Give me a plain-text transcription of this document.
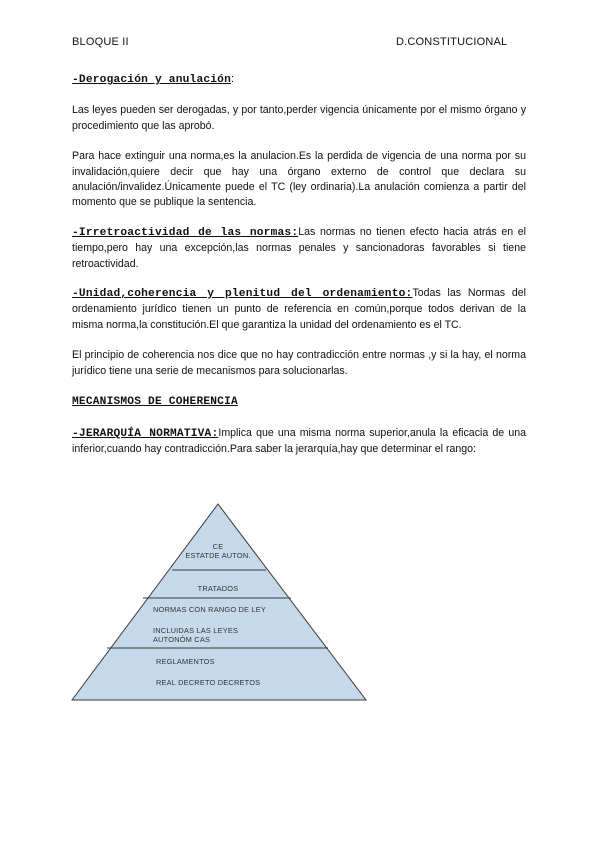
BLOQUE II	D.CONSTITUCIONAL

-Derogación y anulación:

Las leyes pueden ser derogadas, y por tanto,perder vigencia únicamente por el mismo órgano y procedimiento que las aprobó.

Para hace extinguir una norma,es la anulacion.Es la perdida de vigencia de una norma por su invalidación,quiere decir que hay una órgano externo de control que declara su anulación/invalidez.Únicamente puede el TC (ley ordinaria).La anulación comienza a partir del momento que se publique la sentencia.

-Irretroactividad de las normas:Las normas no tienen efecto hacia atrás en el tiempo,pero hay una excepción,las normas penales y sancionadoras favorables si tiene retroactividad.

-Unidad,coherencia y plenitud del ordenamiento:Todas las Normas del ordenamiento jurídico tienen un punto de referencia en común,porque todos derivan de la misma norma,la constitución.El que garantiza la unidad del ordenamiento es el TC.

El principio de coherencia nos dice que no hay contradicción entre normas ,y si la hay, el norma jurídico tiene una serie de mecanismos para solucionarlas.

MECANISMOS DE COHERENCIA

-JERARQUÍA NORMATIVA:Implica que una misma norma superior,anula la eficacia de una inferior,cuando hay contradicción.Para saber la jerarquía,hay que determinar el rango:

CE
ESTATDE AUTON.
TRATADOS
NORMAS CON RANGO DE LEY
INCLUIDAS LAS LEYES
AUTONÓM CAS
REGLAMENTOS
REAL DECRETO DECRETOS
